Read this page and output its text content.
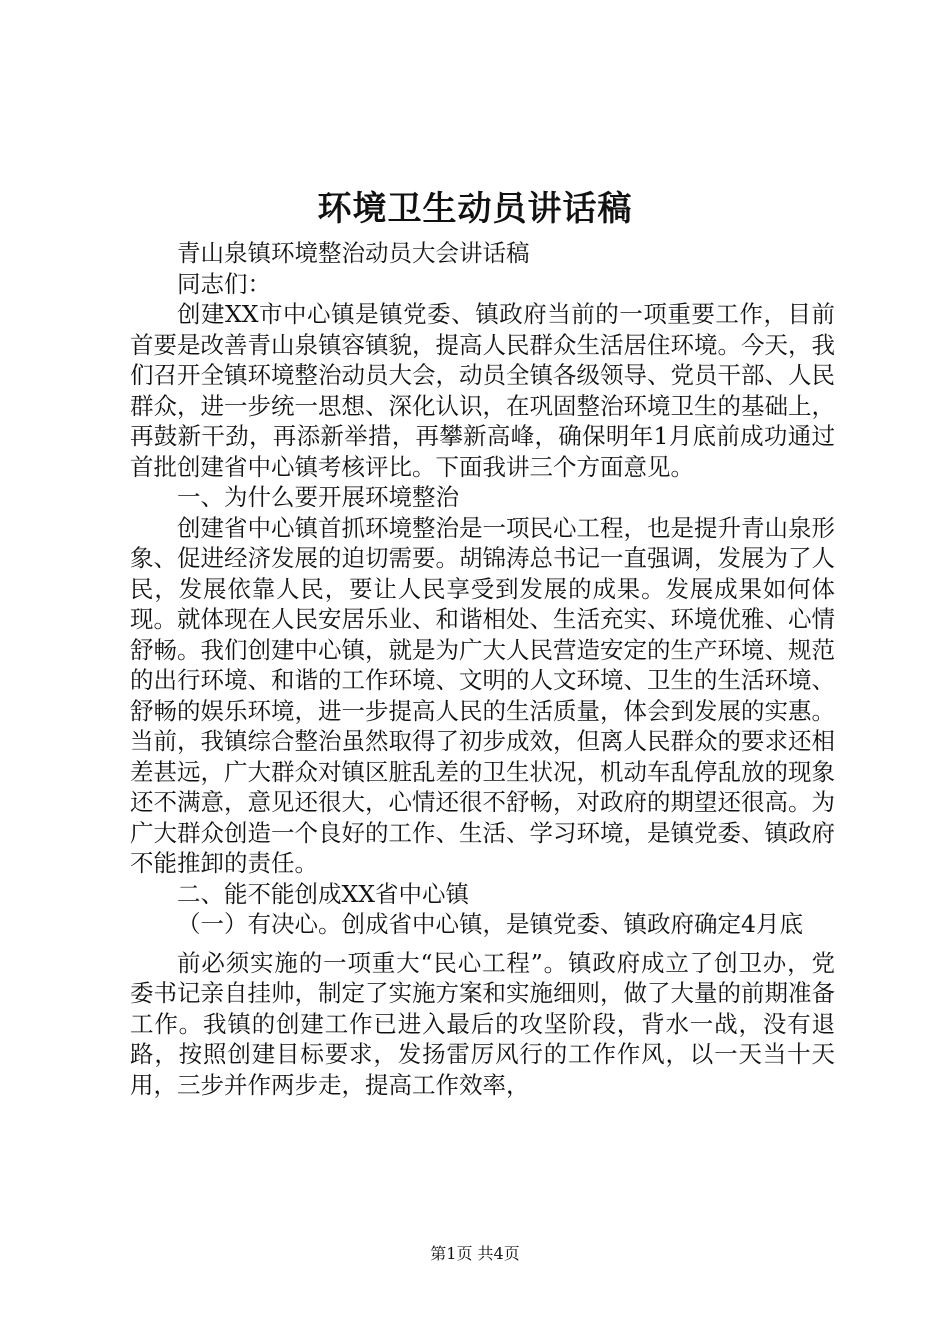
环境卫生动员讲话稿

青山泉镇环境整治动员大会讲话稿

同志们：

创建XX市中心镇是镇党委、镇政府当前的一项重要工作，目前首要是改善青山泉镇容镇貌，提高人民群众生活居住环境。今天，我们召开全镇环境整治动员大会，动员全镇各级领导、党员干部、人民群众，进一步统一思想、深化认识，在巩固整治环境卫生的基础上，再鼓新干劲，再添新举措，再攀新高峰，确保明年1月底前成功通过首批创建省中心镇考核评比。下面我讲三个方面意见。

一、为什么要开展环境整治

创建省中心镇首抓环境整治是一项民心工程，也是提升青山泉形象、促进经济发展的迫切需要。胡锦涛总书记一直强调，发展为了人民，发展依靠人民，要让人民享受到发展的成果。发展成果如何体现。就体现在人民安居乐业、和谐相处、生活充实、环境优雅、心情舒畅。我们创建中心镇，就是为广大人民营造安定的生产环境、规范的出行环境、和谐的工作环境、文明的人文环境、卫生的生活环境、舒畅的娱乐环境，进一步提高人民的生活质量，体会到发展的实惠。当前，我镇综合整治虽然取得了初步成效，但离人民群众的要求还相差甚远，广大群众对镇区脏乱差的卫生状况，机动车乱停乱放的现象还不满意，意见还很大，心情还很不舒畅，对政府的期望还很高。为广大群众创造一个良好的工作、生活、学习环境，是镇党委、镇政府不能推卸的责任。

二、能不能创成XX省中心镇

（一）有决心。创成省中心镇，是镇党委、镇政府确定4月底

前必须实施的一项重大“民心工程”。镇政府成立了创卫办，党委书记亲自挂帅，制定了实施方案和实施细则，做了大量的前期准备工作。我镇的创建工作已进入最后的攻坚阶段，背水一战，没有退路，按照创建目标要求，发扬雷厉风行的工作作风，以一天当十天用，三步并作两步走，提高工作效率，

第1页 共4页
